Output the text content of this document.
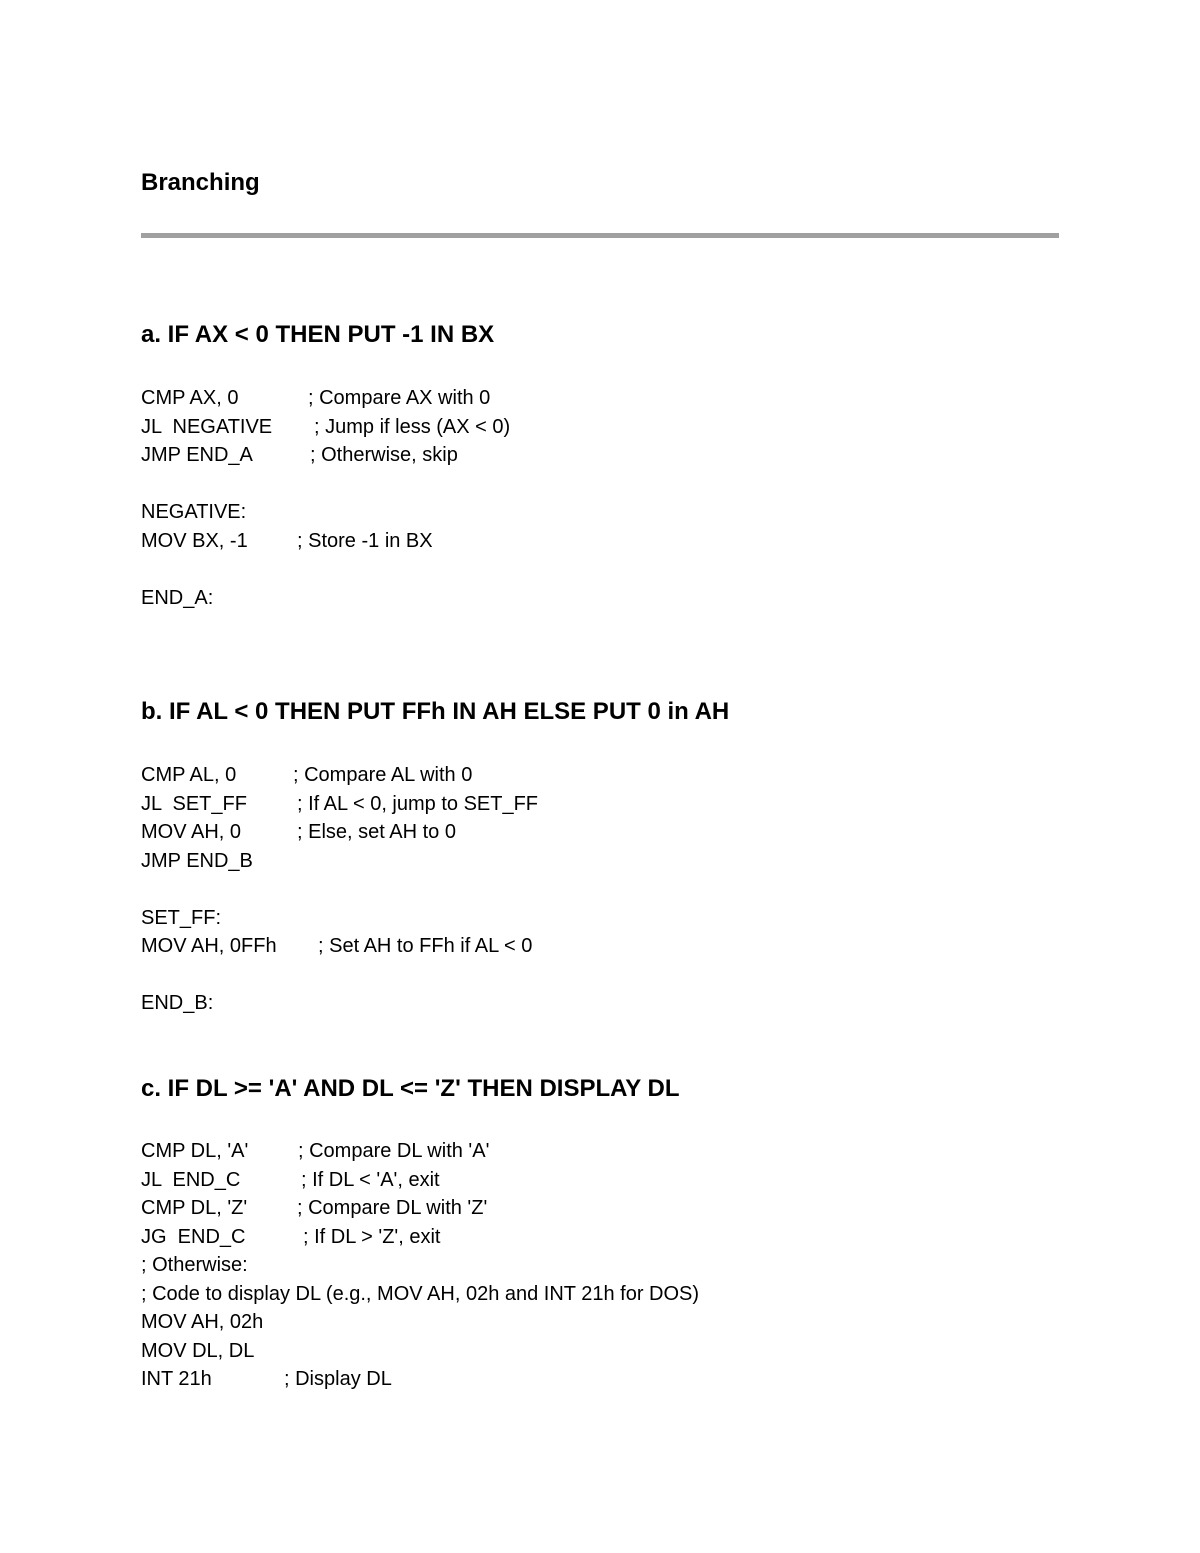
Branching
a. IF AX < 0 THEN PUT -1 IN BX
CMP AX, 0	; Compare AX with 0
JL  NEGATIVE ; Jump if less (AX < 0)
JMP END_A	; Otherwise, skip
NEGATIVE:
MOV BX, -1 ; Store -1 in BX
END_A:
b. IF AL < 0 THEN PUT FFh IN AH ELSE PUT 0 in AH
CMP AL, 0	; Compare AL with 0
JL  SET_FF	; If AL < 0, jump to SET_FF
MOV AH, 0	; Else, set AH to 0
JMP END_B
SET_FF:
MOV AH, 0FFh ; Set AH to FFh if AL < 0
END_B:
c. IF DL >= 'A' AND DL <= 'Z' THEN DISPLAY DL
CMP DL, 'A' ; Compare DL with 'A'
JL  END_C	; If DL < 'A', exit
CMP DL, 'Z' ; Compare DL with 'Z'
JG  END_C	; If DL > 'Z', exit
; Otherwise:
; Code to display DL (e.g., MOV AH, 02h and INT 21h for DOS)
MOV AH, 02h
MOV DL, DL
INT 21h	; Display DL
